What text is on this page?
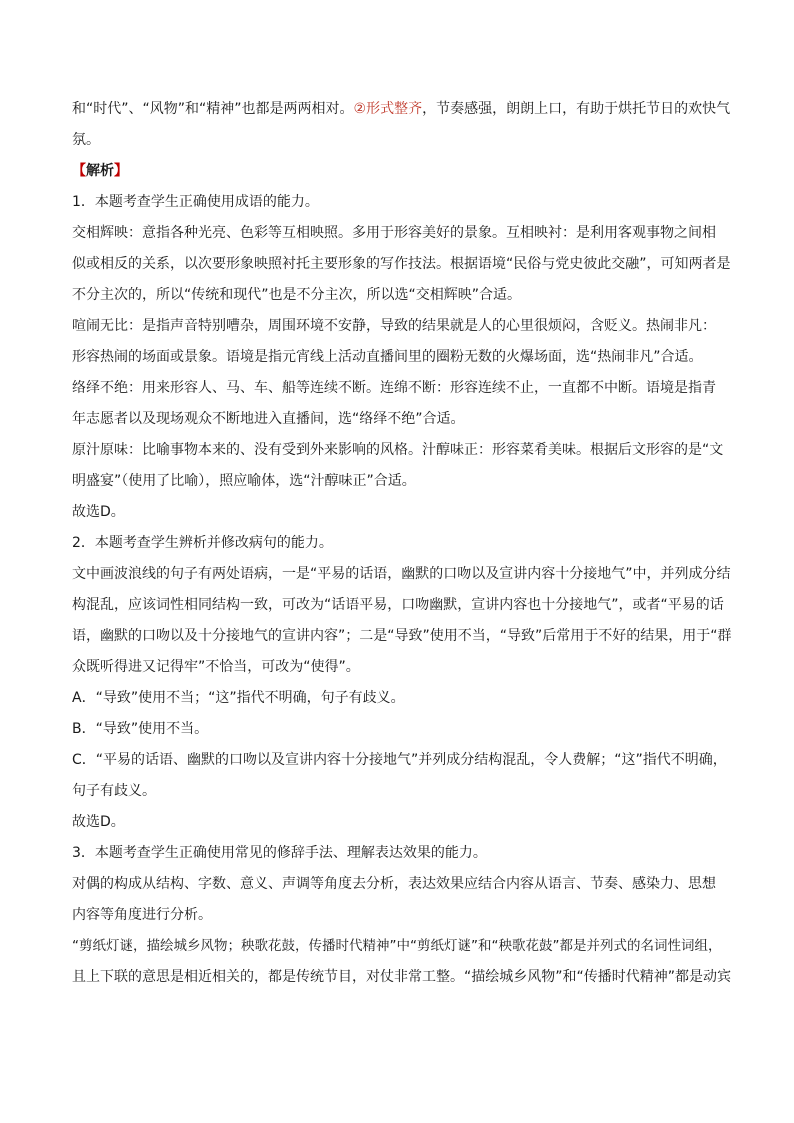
和“时代”、“风物”和“精神”也都是两两相对。②形式整齐，节奏感强，朗朗上口，有助于烘托节日的欢快气

氛。

【解析】

1．本题考查学生正确使用成语的能力。

交相辉映：意指各种光亮、色彩等互相映照。多用于形容美好的景象。互相映衬：是利用客观事物之间相

似或相反的关系，以次要形象映照衬托主要形象的写作技法。根据语境“民俗与党史彼此交融”，可知两者是

不分主次的，所以“传统和现代”也是不分主次，所以选“交相辉映”合适。

喧闹无比：是指声音特别嘈杂，周围环境不安静，导致的结果就是人的心里很烦闷，含贬义。热闹非凡：

形容热闹的场面或景象。语境是指元宵线上活动直播间里的圈粉无数的火爆场面，选“热闹非凡”合适。

络绎不绝：用来形容人、马、车、船等连续不断。连绵不断：形容连续不止，一直都不中断。语境是指青

年志愿者以及现场观众不断地进入直播间，选“络绎不绝”合适。

原汁原味：比喻事物本来的、没有受到外来影响的风格。汁醇味正：形容菜肴美味。根据后文形容的是“文

明盛宴”（使用了比喻），照应喻体，选“汁醇味正”合适。

故选D。

2．本题考查学生辨析并修改病句的能力。

文中画波浪线的句子有两处语病，一是“平易的话语，幽默的口吻以及宣讲内容十分接地气”中，并列成分结

构混乱，应该词性相同结构一致，可改为“话语平易，口吻幽默，宣讲内容也十分接地气”，或者“平易的话

语，幽默的口吻以及十分接地气的宣讲内容”；二是“导致”使用不当，“导致”后常用于不好的结果，用于“群

众既听得进又记得牢”不恰当，可改为“使得”。

A．“导致”使用不当；“这”指代不明确，句子有歧义。

B．“导致”使用不当。

C．“平易的话语、幽默的口吻以及宣讲内容十分接地气”并列成分结构混乱，令人费解；“这”指代不明确，

句子有歧义。

故选D。

3．本题考查学生正确使用常见的修辞手法、理解表达效果的能力。

对偶的构成从结构、字数、意义、声调等角度去分析，表达效果应结合内容从语言、节奏、感染力、思想

内容等角度进行分析。

“剪纸灯谜，描绘城乡风物；秧歌花鼓，传播时代精神”中“剪纸灯谜”和“秧歌花鼓”都是并列式的名词性词组，

且上下联的意思是相近相关的，都是传统节目，对仗非常工整。“描绘城乡风物”和“传播时代精神”都是动宾
